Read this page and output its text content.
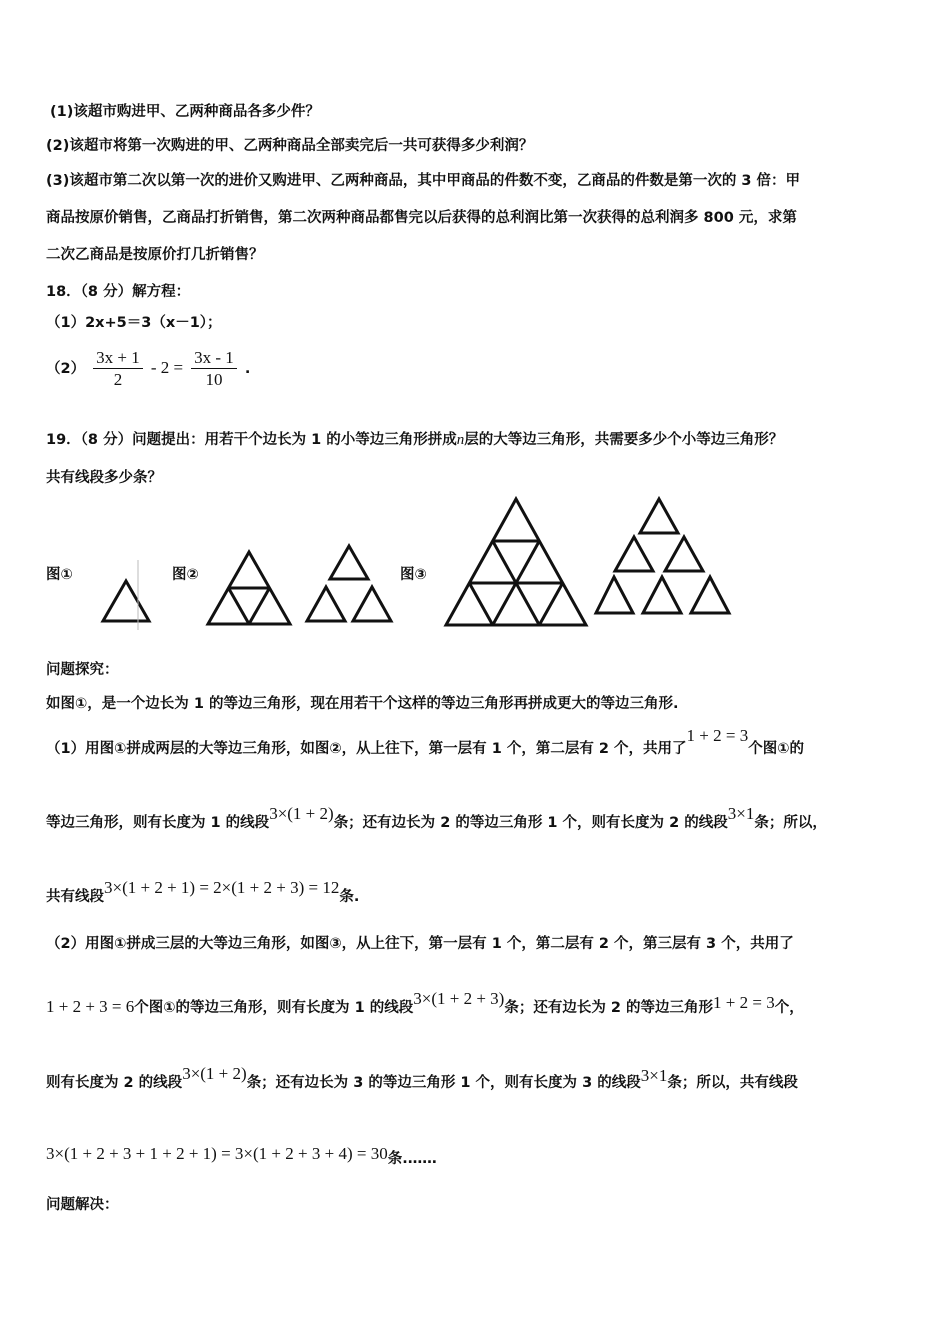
(1)该超市购进甲、乙两种商品各多少件？
(2)该超市将第一次购进的甲、乙两种商品全部卖完后一共可获得多少利润？
(3)该超市第二次以第一次的进价又购进甲、乙两种商品，其中甲商品的件数不变，乙商品的件数是第一次的 3 倍：甲
商品按原价销售，乙商品打折销售，第二次两种商品都售完以后获得的总利润比第一次获得的总利润多 800 元，求第
二次乙商品是按原价打几折销售？
18．（8 分）解方程：
（1）2x+5＝3（x－1）；
$(2) \frac{3x + 1}{2} - 2 = \frac{3x - 1}{10}$ .
19．（8 分）问题提出：用若干个边长为 1 的小等边三角形拼成n层的大等边三角形，共需要多少个小等边三角形？
共有线段多少条？
图①	图②	图③
问题探究：
如图①，是一个边长为 1 的等边三角形，现在用若干个这样的等边三角形再拼成更大的等边三角形.
（1）用图①拼成两层的大等边三角形，如图②，从上往下，第一层有 1 个，第二层有 2 个，共用了1 + 2 = 3个图①的
等边三角形，则有长度为 1 的线段3×(1 + 2)条；还有边长为 2 的等边三角形 1 个，则有长度为 2 的线段3×1条；所以，
共有线段3×(1 + 2 + 1) = 2×(1 + 2 + 3) = 12条.
（2）用图①拼成三层的大等边三角形，如图③，从上往下，第一层有 1 个，第二层有 2 个，第三层有 3 个，共用了
1 + 2 + 3 = 6个图①的等边三角形，则有长度为 1 的线段3×(1 + 2 + 3)条；还有边长为 2 的等边三角形1 + 2 = 3个，
则有长度为 2 的线段3×(1 + 2)条；还有边长为 3 的等边三角形 1 个，则有长度为 3 的线段3×1条；所以，共有线段
3×(1 + 2 + 3 + 1 + 2 + 1) = 3×(1 + 2 + 3 + 4) = 30条.……
问题解决：
